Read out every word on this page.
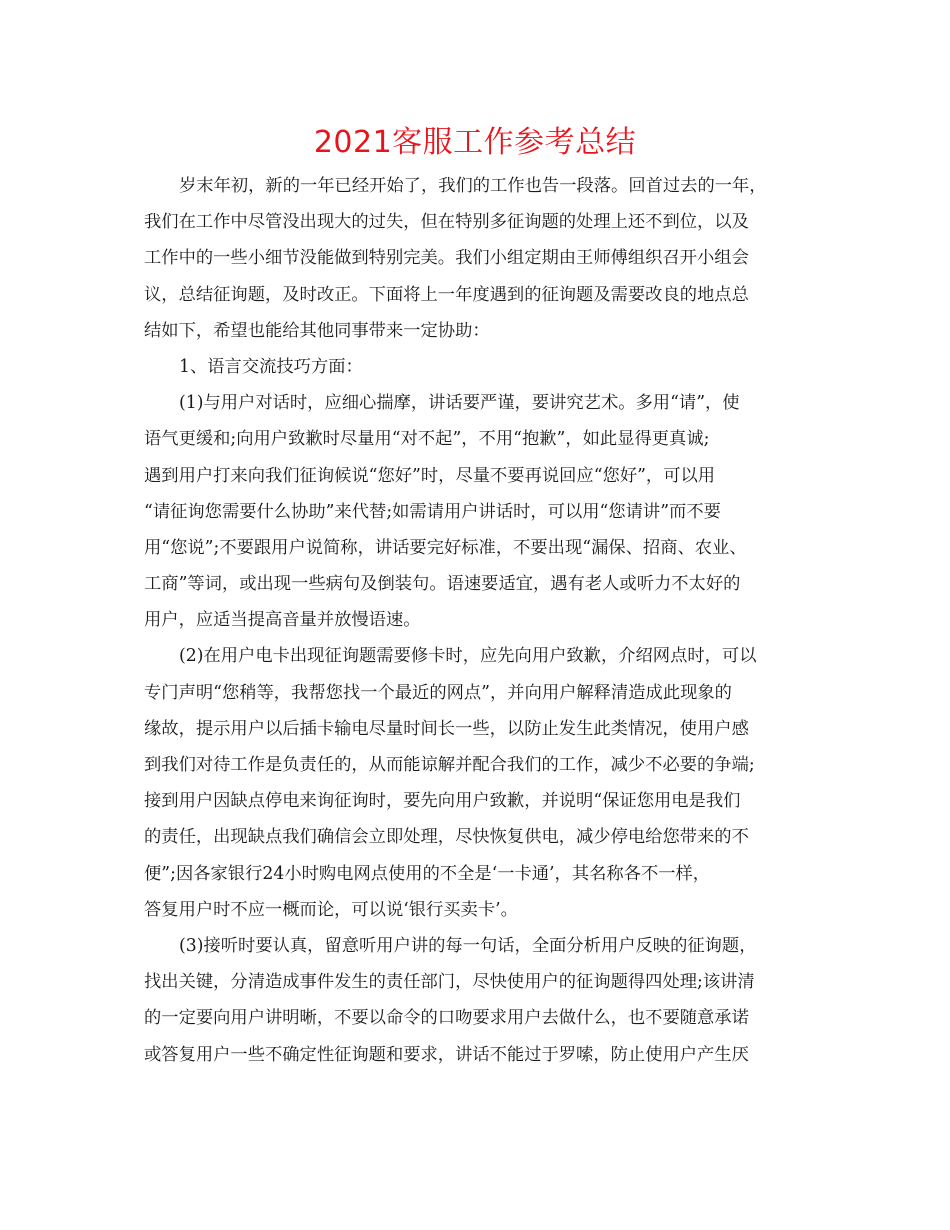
2021客服工作参考总结
岁末年初，新的一年已经开始了，我们的工作也告一段落。回首过去的一年，
我们在工作中尽管没出现大的过失，但在特别多征询题的处理上还不到位，以及
工作中的一些小细节没能做到特别完美。我们小组定期由王师傅组织召开小组会
议，总结征询题，及时改正。下面将上一年度遇到的征询题及需要改良的地点总
结如下，希望也能给其他同事带来一定协助：
1、语言交流技巧方面：
(1)与用户对话时，应细心揣摩，讲话要严谨，要讲究艺术。多用“请”，使
语气更缓和;向用户致歉时尽量用“对不起”，不用“抱歉”，如此显得更真诚;
遇到用户打来向我们征询候说“您好”时，尽量不要再说回应“您好”，可以用
“请征询您需要什么协助”来代替;如需请用户讲话时，可以用“您请讲”而不要
用“您说”;不要跟用户说简称，讲话要完好标准，不要出现“漏保、招商、农业、
工商”等词，或出现一些病句及倒装句。语速要适宜，遇有老人或听力不太好的
用户，应适当提高音量并放慢语速。
(2)在用户电卡出现征询题需要修卡时，应先向用户致歉，介绍网点时，可以
专门声明“您稍等，我帮您找一个最近的网点”，并向用户解释清造成此现象的
缘故，提示用户以后插卡输电尽量时间长一些，以防止发生此类情况，使用户感
到我们对待工作是负责任的，从而能谅解并配合我们的工作，减少不必要的争端;
接到用户因缺点停电来询征询时，要先向用户致歉，并说明“保证您用电是我们
的责任，出现缺点我们确信会立即处理，尽快恢复供电，减少停电给您带来的不
便”;因各家银行24小时购电网点使用的不全是‘一卡通’，其名称各不一样，
答复用户时不应一概而论，可以说‘银行买卖卡’。
(3)接听时要认真，留意听用户讲的每一句话，全面分析用户反映的征询题，
找出关键，分清造成事件发生的责任部门，尽快使用户的征询题得四处理;该讲清
的一定要向用户讲明晰，不要以命令的口吻要求用户去做什么，也不要随意承诺
或答复用户一些不确定性征询题和要求，讲话不能过于罗嗦，防止使用户产生厌
